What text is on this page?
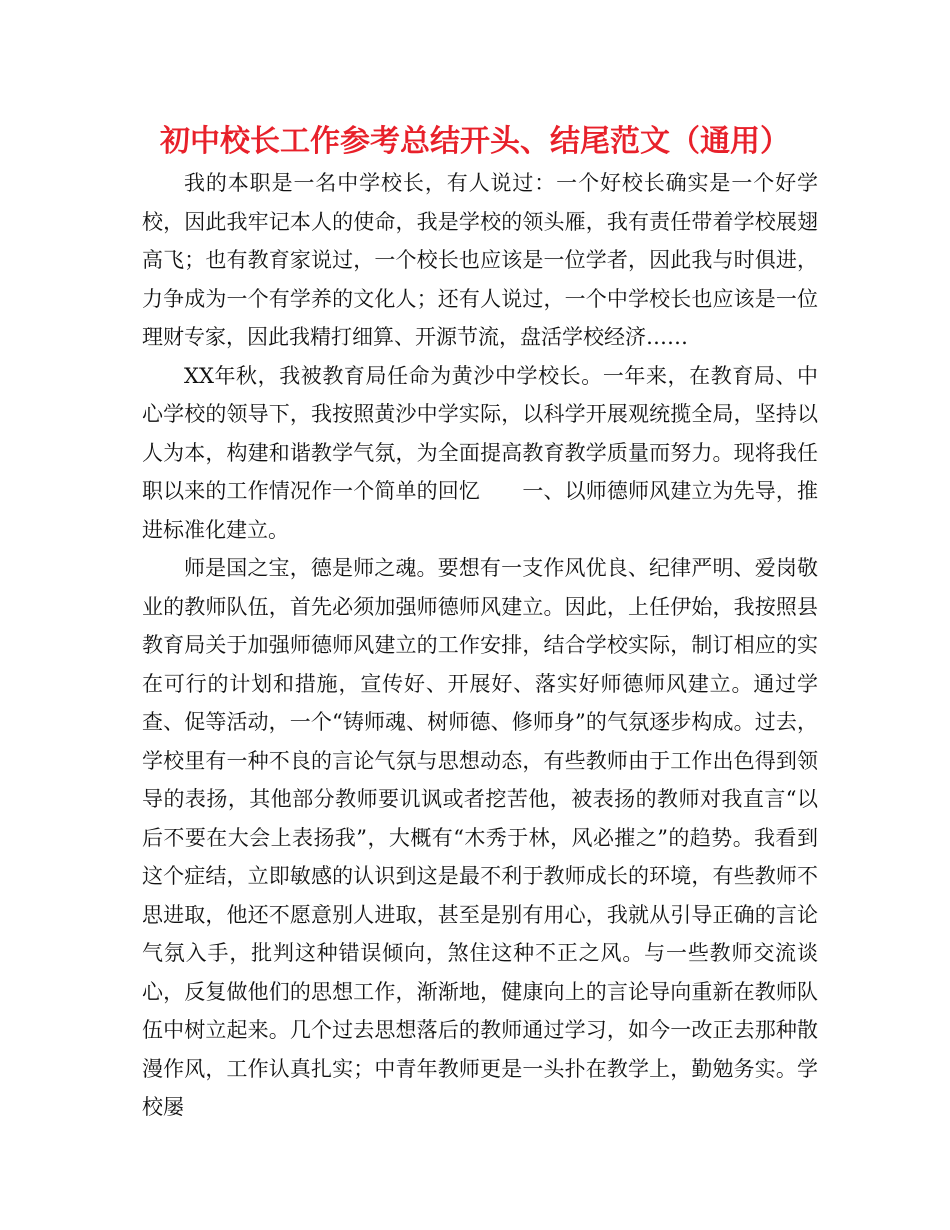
初中校长工作参考总结开头、结尾范文（通用）

我的本职是一名中学校长，有人说过：一个好校长确实是一个好学校，因此我牢记本人的使命，我是学校的领头雁，我有责任带着学校展翅高飞；也有教育家说过，一个校长也应该是一位学者，因此我与时俱进，力争成为一个有学养的文化人；还有人说过，一个中学校长也应该是一位理财专家，因此我精打细算、开源节流，盘活学校经济……

XX年秋，我被教育局任命为黄沙中学校长。一年来，在教育局、中心学校的领导下，我按照黄沙中学实际，以科学开展观统揽全局，坚持以人为本，构建和谐教学气氛，为全面提高教育教学质量而努力。现将我任职以来的工作情况作一个简单的回忆　　一、以师德师风建立为先导，推进标准化建立。

师是国之宝，德是师之魂。要想有一支作风优良、纪律严明、爱岗敬业的教师队伍，首先必须加强师德师风建立。因此，上任伊始，我按照县教育局关于加强师德师风建立的工作安排，结合学校实际，制订相应的实在可行的计划和措施，宣传好、开展好、落实好师德师风建立。通过学查、促等活动，一个“铸师魂、树师德、修师身”的气氛逐步构成。过去，学校里有一种不良的言论气氛与思想动态，有些教师由于工作出色得到领导的表扬，其他部分教师要讥讽或者挖苦他，被表扬的教师对我直言“以后不要在大会上表扬我”，大概有“木秀于林，风必摧之”的趋势。我看到这个症结，立即敏感的认识到这是最不利于教师成长的环境，有些教师不思进取，他还不愿意别人进取，甚至是别有用心，我就从引导正确的言论气氛入手，批判这种错误倾向，煞住这种不正之风。与一些教师交流谈心，反复做他们的思想工作，渐渐地，健康向上的言论导向重新在教师队伍中树立起来。几个过去思想落后的教师通过学习，如今一改正去那种散漫作风，工作认真扎实；中青年教师更是一头扑在教学上，勤勉务实。学校屡
